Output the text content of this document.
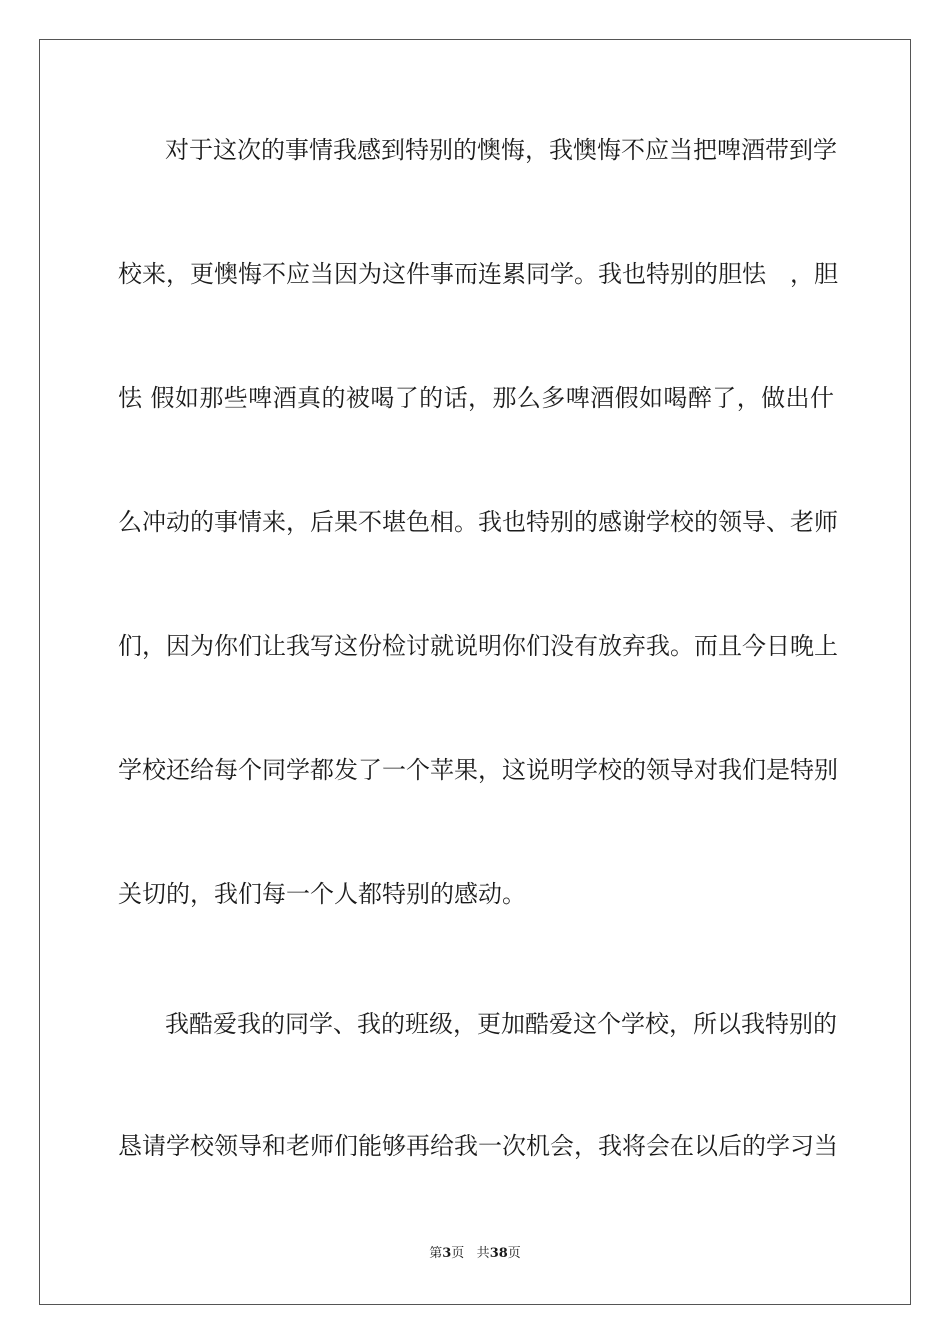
对于这次的事情我感到特别的懊悔，我懊悔不应当把啤酒带到学
校来，更懊悔不应当因为这件事而连累同学。我也特别的胆怯　，胆
怯 假如那些啤酒真的被喝了的话，那么多啤酒假如喝醉了，做出什
么冲动的事情来，后果不堪色相。我也特别的感谢学校的领导、老师
们，因为你们让我写这份检讨就说明你们没有放弃我。而且今日晚上
学校还给每个同学都发了一个苹果，这说明学校的领导对我们是特别
关切的，我们每一个人都特别的感动。
我酷爱我的同学、我的班级，更加酷爱这个学校，所以我特别的
恳请学校领导和老师们能够再给我一次机会，我将会在以后的学习当
第3页 共38页
